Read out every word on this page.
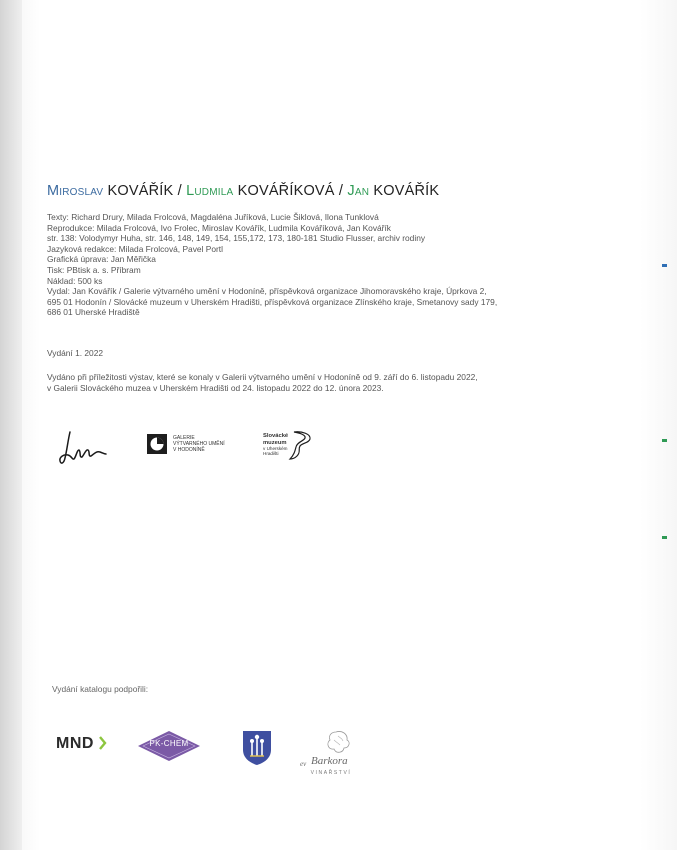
Miroslav KOVÁŘÍK / Ludmila KOVÁŘÍKOVÁ / Jan KOVÁŘÍK
Texty: Richard Drury, Milada Frolcová, Magdaléna Juříková, Lucie Šiklová, Ilona Tunklová
Reprodukce: Milada Frolcová, Ivo Frolec, Miroslav Kovářík, Ludmila Kováříková, Jan Kovářík
str. 138: Volodymyr Huha, str. 146, 148, 149, 154, 155,172, 173, 180-181 Studio Flusser, archiv rodiny
Jazyková redakce: Milada Frolcová, Pavel Portl
Grafická úprava: Jan Měřička
Tisk: PBtisk a. s. Příbram
Náklad: 500 ks
Vydal: Jan Kovářík / Galerie výtvarného umění v Hodoníně, příspěvková organizace Jihomoravského kraje, Úprkova 2,
695 01 Hodonín / Slovácké muzeum v Uherském Hradišti, příspěvková organizace Zlínského kraje, Smetanovy sady 179,
686 01 Uherské Hradiště
Vydání 1. 2022
Vydáno při příležitosti výstav, které se konaly v Galerii výtvarného umění v Hodoníně od 9. září do 6. listopadu 2022,
v Galerii Slováckého muzea v Uherském Hradišti od 24. listopadu 2022 do 12. února 2023.
GALERIE
VÝTVARNÉHO UMĚNÍ
V HODONÍNĚ
Slovácké
muzeum
v Uherském
Hradišti
Vydání katalogu podpořili:
MND	PK-CHEM
ev Barkora
VINAŘSTVÍ
